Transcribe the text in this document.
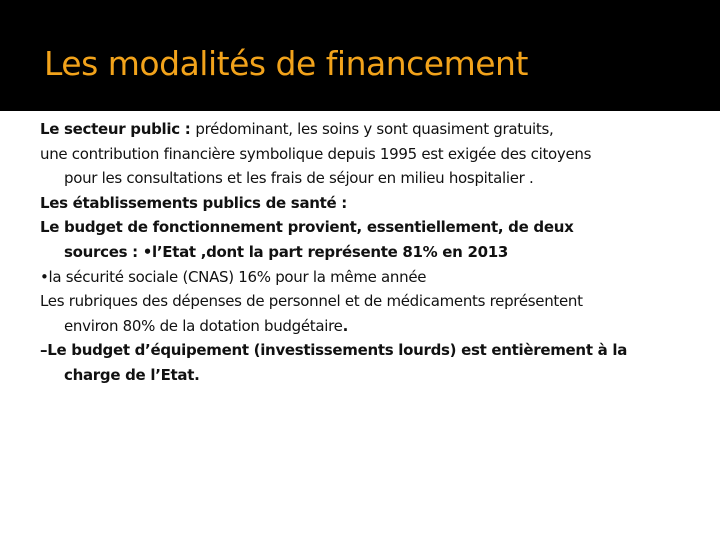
Les modalités de financement
Le secteur public : prédominant, les soins y sont quasiment gratuits,
une contribution financière symbolique depuis 1995 est exigée des citoyens
pour les consultations et les frais de séjour en milieu hospitalier .
Les établissements publics de santé :
Le budget de fonctionnement provient, essentiellement, de deux
sources : •l’Etat ,dont la part représente 81% en 2013
•la sécurité sociale (CNAS) 16% pour la même année
Les rubriques des dépenses de personnel et de médicaments représentent
environ 80% de la dotation budgétaire.
–Le budget d’équipement (investissements lourds) est entièrement à la
charge de l’Etat.
